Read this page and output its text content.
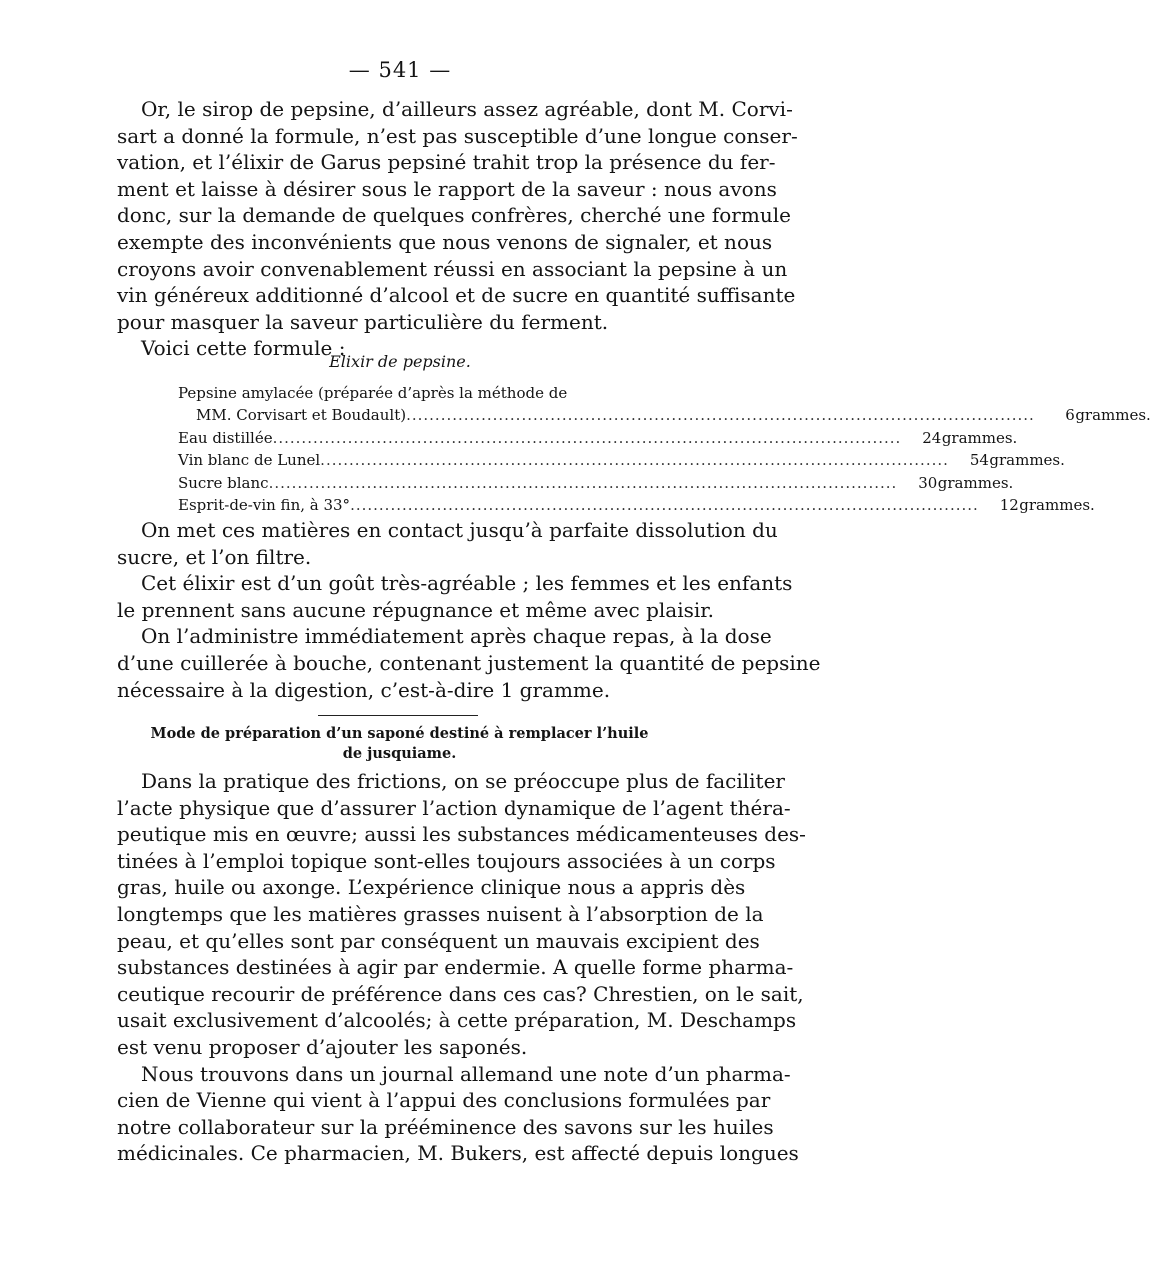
— 541 —
Or, le sirop de pepsine, d’ailleurs assez agréable, dont M. Corvi-
sart a donné la formule, n’est pas susceptible d’une longue conser-
vation, et l’élixir de Garus pepsiné trahit trop la présence du fer-
ment et laisse à désirer sous le rapport de la saveur : nous avons
donc, sur la demande de quelques confrères, cherché une formule
exempte des inconvénients que nous venons de signaler, et nous
croyons avoir convenablement réussi en associant la pepsine à un
vin généreux additionné d’alcool et de sucre en quantité suffisante
pour masquer la saveur particulière du ferment.
Voici cette formule :
Elixir de pepsine.
Pepsine amylacée (préparée d’après la méthode de
MM. Corvisart et Boudault) .....	6 grammes.
Eau distillée .....	24 grammes.
Vin blanc de Lunel .....	54 grammes.
Sucre blanc .....	30 grammes.
Esprit-de-vin fin, à 33° .....	12 grammes.
On met ces matières en contact jusqu’à parfaite dissolution du
sucre, et l’on filtre.
Cet élixir est d’un goût très-agréable ; les femmes et les enfants
le prennent sans aucune répugnance et même avec plaisir.
On l’administre immédiatement après chaque repas, à la dose
d’une cuillerée à bouche, contenant justement la quantité de pepsine
nécessaire à la digestion, c’est-à-dire 1 gramme.
Mode de préparation d’un saponé destiné à remplacer l’huile
de jusquiame.
Dans la pratique des frictions, on se préoccupe plus de faciliter
l’acte physique que d’assurer l’action dynamique de l’agent théra-
peutique mis en œuvre; aussi les substances médicamenteuses des-
tinées à l’emploi topique sont-elles toujours associées à un corps
gras, huile ou axonge. L’expérience clinique nous a appris dès
longtemps que les matières grasses nuisent à l’absorption de la
peau, et qu’elles sont par conséquent un mauvais excipient des
substances destinées à agir par endermie. A quelle forme pharma-
ceutique recourir de préférence dans ces cas? Chrestien, on le sait,
usait exclusivement d’alcoolés; à cette préparation, M. Deschamps
est venu proposer d’ajouter les saponés.
Nous trouvons dans un journal allemand une note d’un pharma-
cien de Vienne qui vient à l’appui des conclusions formulées par
notre collaborateur sur la prééminence des savons sur les huiles
médicinales. Ce pharmacien, M. Bukers, est affecté depuis longues
